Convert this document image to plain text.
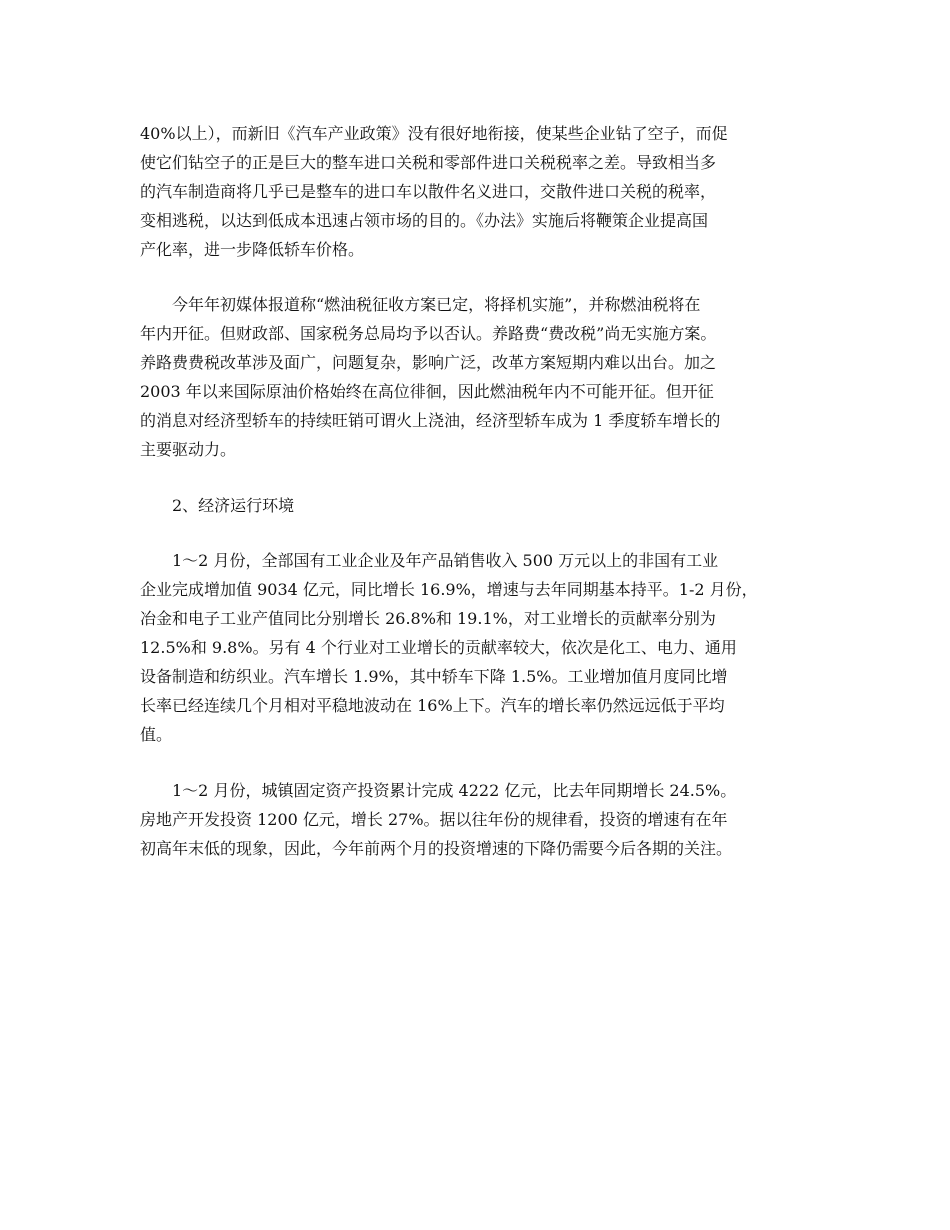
40%以上），而新旧《汽车产业政策》没有很好地衔接，使某些企业钻了空子，而促
使它们钻空子的正是巨大的整车进口关税和零部件进口关税税率之差。导致相当多
的汽车制造商将几乎已是整车的进口车以散件名义进口，交散件进口关税的税率，
变相逃税，以达到低成本迅速占领市场的目的。《办法》实施后将鞭策企业提高国
产化率，进一步降低轿车价格。
　　今年年初媒体报道称“燃油税征收方案已定，将择机实施”，并称燃油税将在
年内开征。但财政部、国家税务总局均予以否认。养路费“费改税”尚无实施方案。
养路费费税改革涉及面广，问题复杂，影响广泛，改革方案短期内难以出台。加之
2003 年以来国际原油价格始终在高位徘徊，因此燃油税年内不可能开征。但开征
的消息对经济型轿车的持续旺销可谓火上浇油，经济型轿车成为 1 季度轿车增长的
主要驱动力。
　　2、经济运行环境
　　1～2 月份，全部国有工业企业及年产品销售收入 500 万元以上的非国有工业
企业完成增加值 9034 亿元，同比增长 16.9%，增速与去年同期基本持平。1-2 月份，
冶金和电子工业产值同比分别增长 26.8%和 19.1%，对工业增长的贡献率分别为
12.5%和 9.8%。另有 4 个行业对工业增长的贡献率较大，依次是化工、电力、通用
设备制造和纺织业。汽车增长 1.9%，其中轿车下降 1.5%。工业增加值月度同比增
长率已经连续几个月相对平稳地波动在 16%上下。汽车的增长率仍然远远低于平均
值。
　　1～2 月份，城镇固定资产投资累计完成 4222 亿元，比去年同期增长 24.5%。
房地产开发投资 1200 亿元，增长 27%。据以往年份的规律看，投资的增速有在年
初高年末低的现象，因此，今年前两个月的投资增速的下降仍需要今后各期的关注。
